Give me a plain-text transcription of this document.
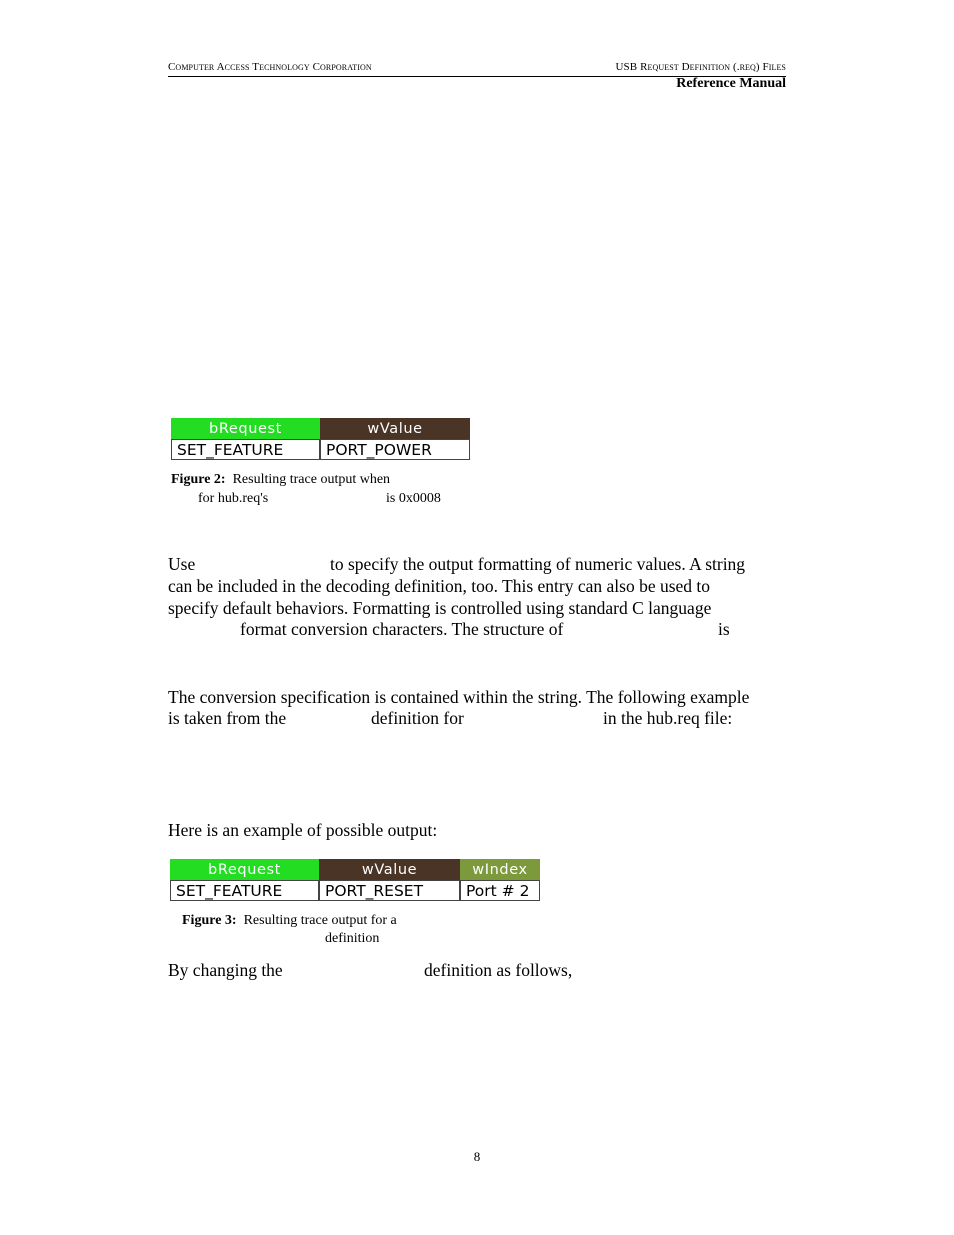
Computer Access Technology Corporation	USB Request Definition (.req) Files
Reference Manual
bRequest	wValue
SET_FEATURE	PORT_POWER
Figure 2: Resulting trace output when
for hub.req's	is 0x0008
Use	to specify the output formatting of numeric values. A string
can be included in the decoding definition, too. This entry can also be used to
specify default behaviors. Formatting is controlled using standard C language
format conversion characters. The structure of	is
The conversion specification is contained within the string. The following example
is taken from the	definition for	in the hub.req file:
Here is an example of possible output:
bRequest	wValue	wIndex
SET_FEATURE	PORT_RESET	Port # 2
Figure 3: Resulting trace output for a
definition
By changing the	definition as follows,
8
